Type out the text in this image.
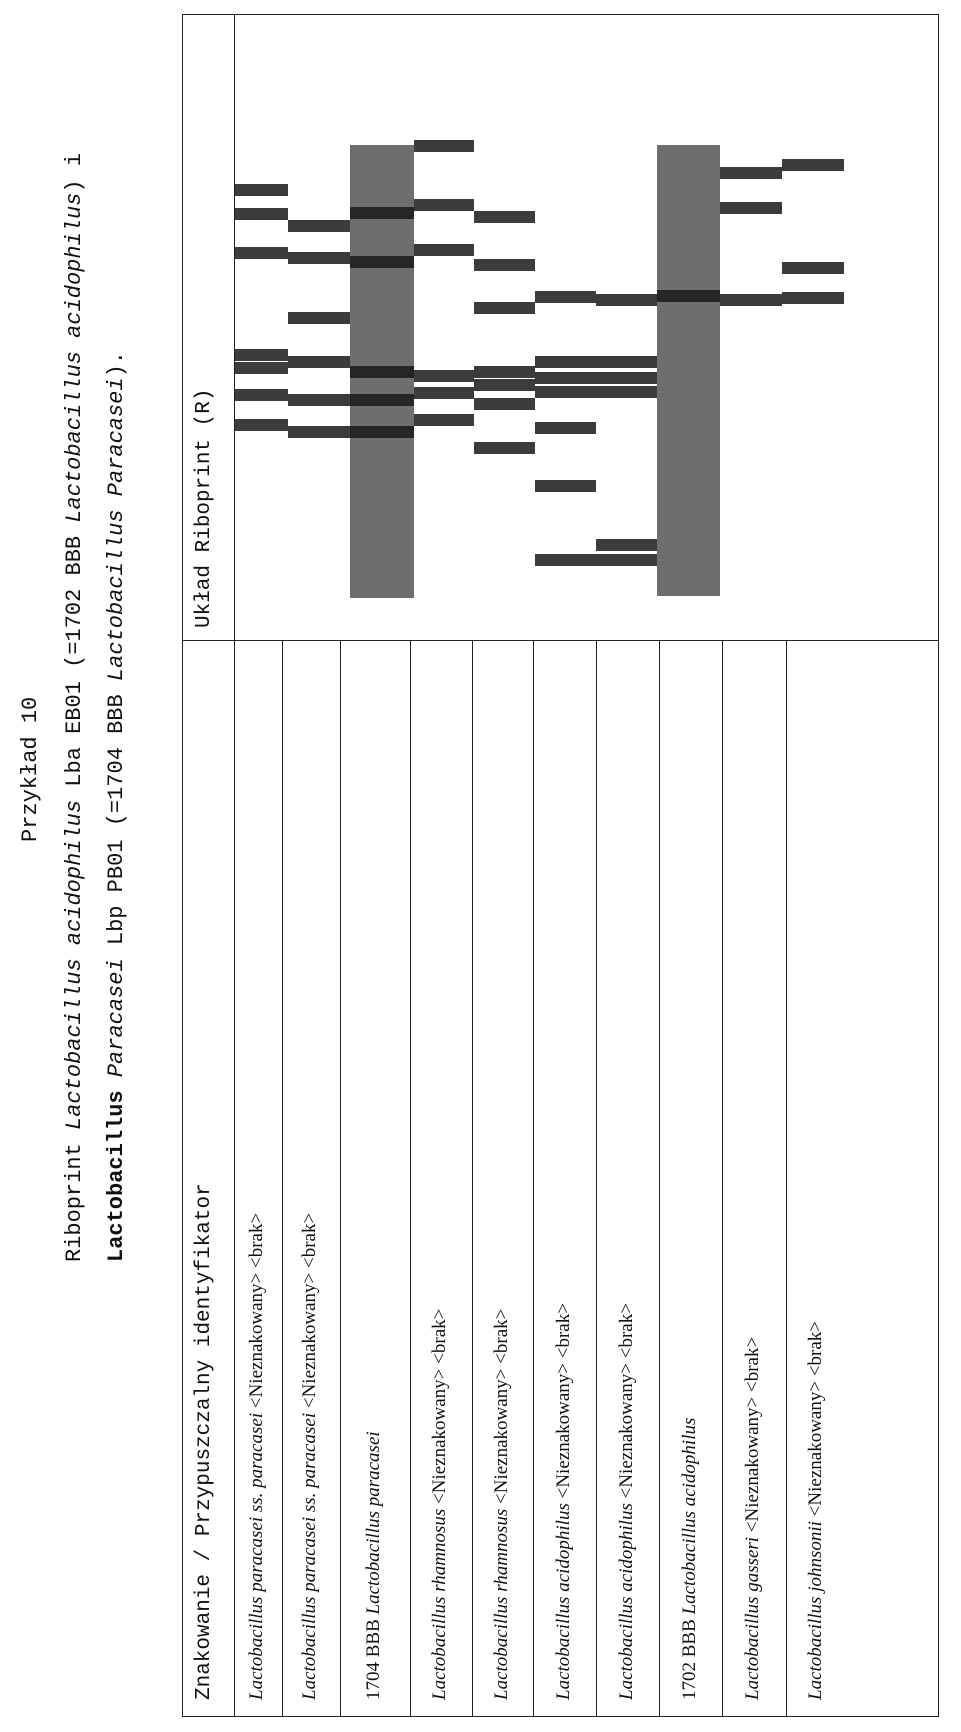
Przykład 10
Riboprint Lactobacillus acidophilus Lba EB01 (=1702 BBB Lactobacillus acidophilus) i
Lactobacillus Paracasei Lbp PB01 (=1704 BBB Lactobacillus Paracasei).
Znakowanie / Przypuszczalny identyfikator
Układ Riboprint (R)
Lactobacillus paracasei ss. paracasei <Nieznakowany> <brak>
Lactobacillus paracasei ss. paracasei <Nieznakowany> <brak>
1704 BBB Lactobacillus paracasei Lactobacillus rhamnosus <Nieznakowany> <brak>
Lactobacillus rhamnosus <Nieznakowany> <brak>
Lactobacillus acidophilus <Nieznakowany> <brak>
Lactobacillus acidophilus <Nieznakowany> <brak>
1702 BBB Lactobacillus acidophilus
Lactobacillus gasseri <Nieznakowany> <brak>
Lactobacillus johnsonii <Nieznakowany> <brak>
